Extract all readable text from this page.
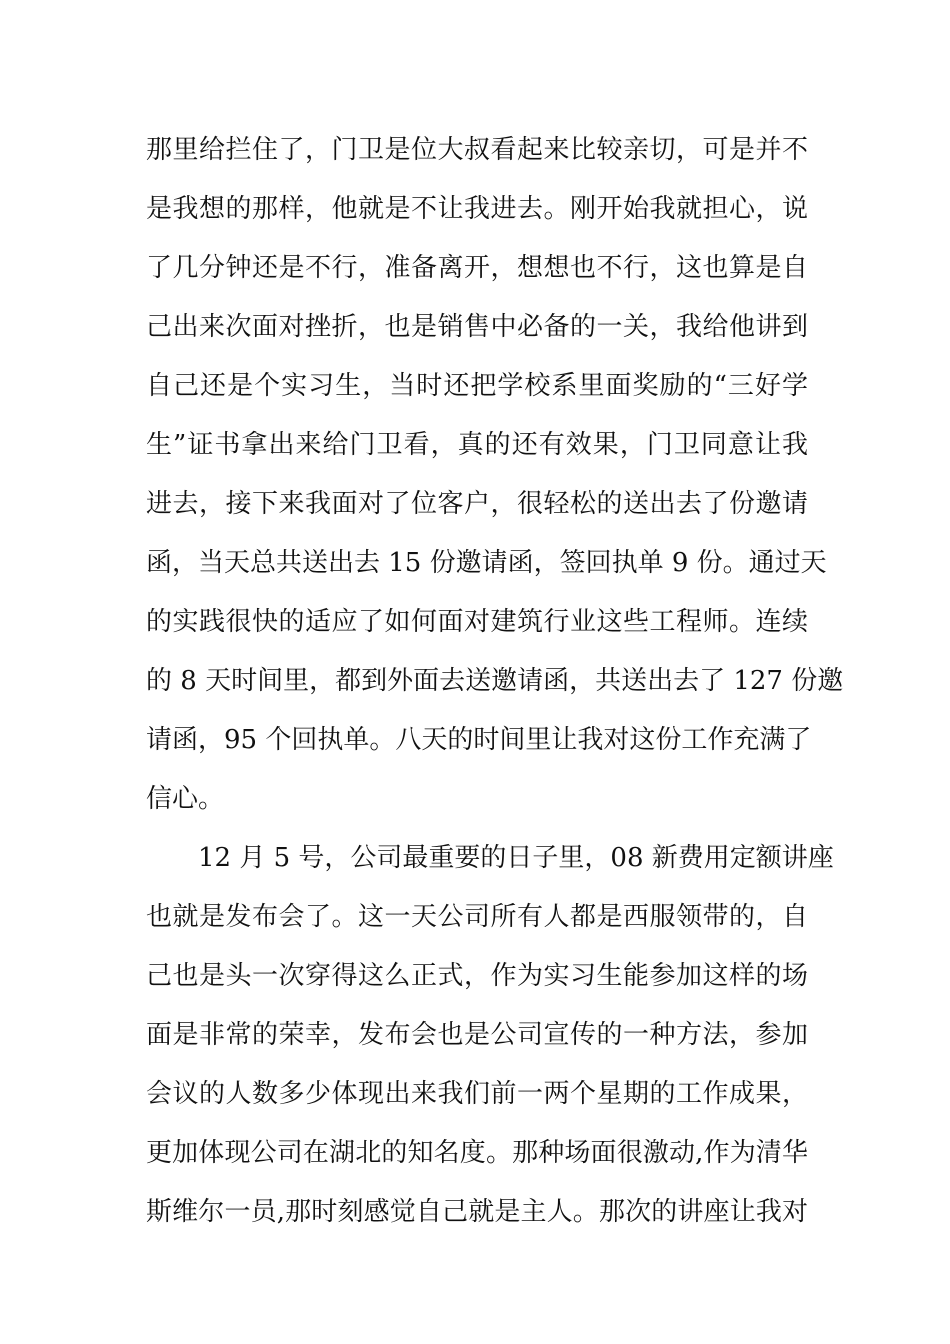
那里给拦住了，门卫是位大叔看起来比较亲切，可是并不
是我想的那样，他就是不让我进去。刚开始我就担心，说
了几分钟还是不行，准备离开，想想也不行，这也算是自
己出来次面对挫折，也是销售中必备的一关，我给他讲到
自己还是个实习生，当时还把学校系里面奖励的“三好学
生”证书拿出来给门卫看，真的还有效果，门卫同意让我
进去，接下来我面对了位客户，很轻松的送出去了份邀请
函，当天总共送出去 15 份邀请函，签回执单 9 份。通过天
的实践很快的适应了如何面对建筑行业这些工程师。连续
的 8 天时间里，都到外面去送邀请函，共送出去了 127 份邀
请函，95 个回执单。八天的时间里让我对这份工作充满了
信心。
12 月 5 号，公司最重要的日子里，08 新费用定额讲座
也就是发布会了。这一天公司所有人都是西服领带的，自
己也是头一次穿得这么正式，作为实习生能参加这样的场
面是非常的荣幸，发布会也是公司宣传的一种方法，参加
会议的人数多少体现出来我们前一两个星期的工作成果，
更加体现公司在湖北的知名度。那种场面很激动,作为清华
斯维尔一员,那时刻感觉自己就是主人。那次的讲座让我对
